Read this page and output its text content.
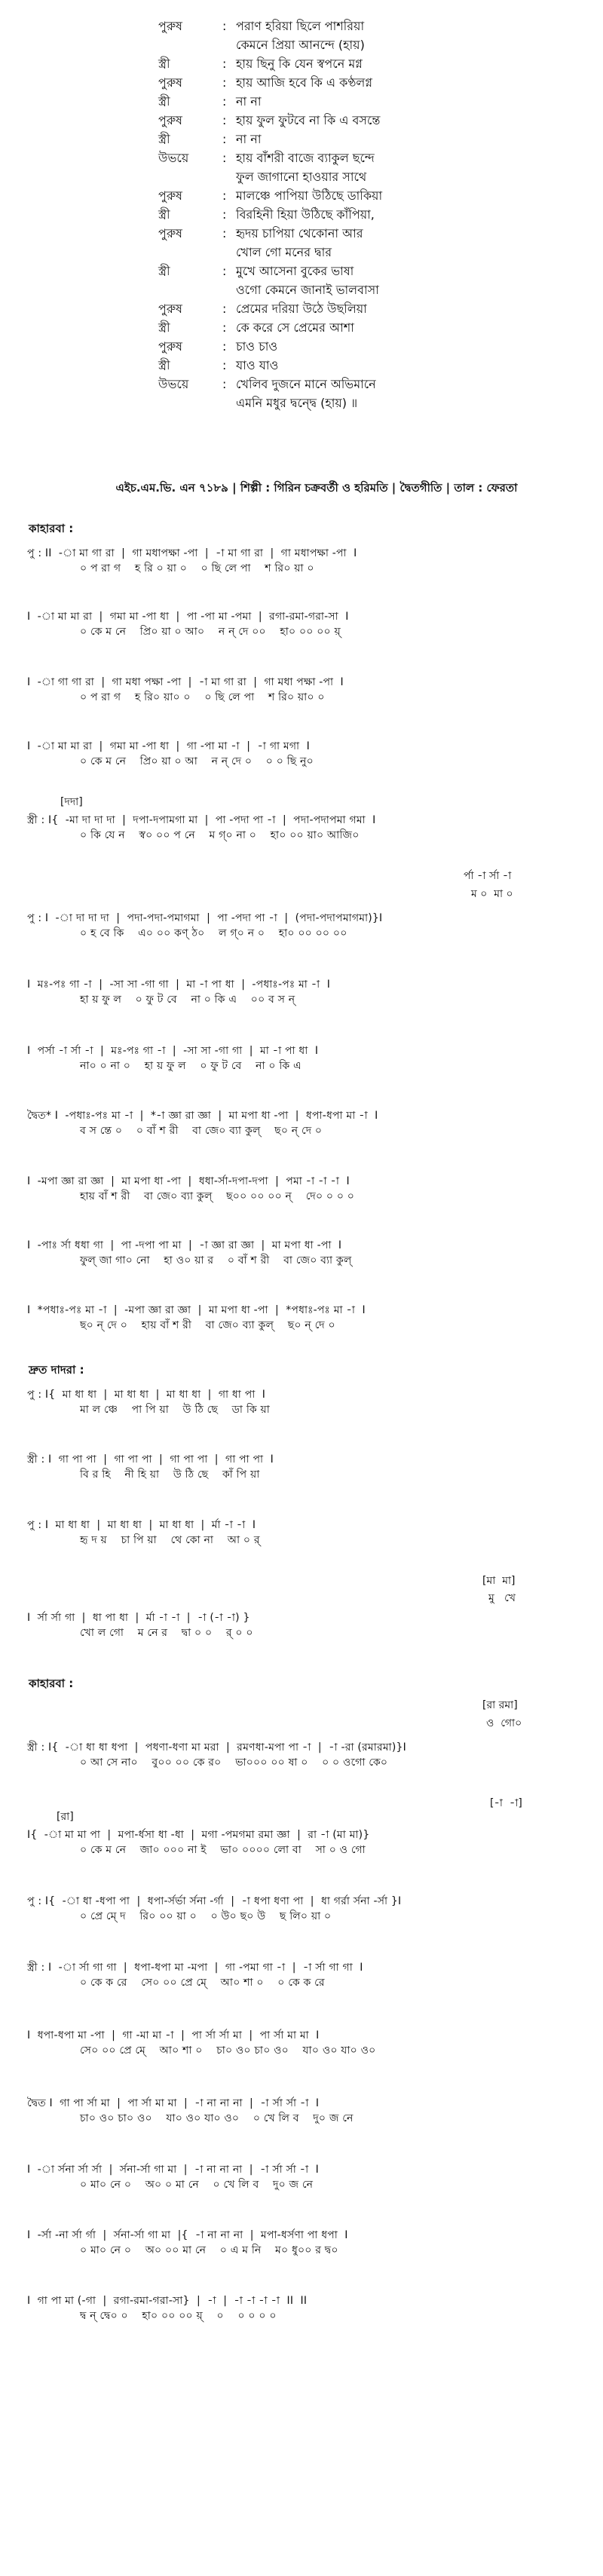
পুরুষ	: পরাণ হরিয়া ছিলে পাশরিয়া
কেমনে প্রিয়া আনন্দে (হায়)
স্ত্রী	: হায় ছিনু কি যেন স্বপনে মগ্ন
পুরুষ	: হায় আজি হবে কি এ কণ্ঠলগ্ন
স্ত্রী	: না না
পুরুষ	: হায় ফুল ফুটবে না কি এ বসন্তে
স্ত্রী	: না না
উভয়ে	: হায় বাঁশরী বাজে ব্যাকুল ছন্দে
ফুল জাগানো হাওয়ার সাথে
পুরুষ	: মালঞ্চে পাপিয়া উঠিছে ডাকিয়া
স্ত্রী	: বিরহিনী হিয়া উঠিছে কাঁপিয়া,
পুরুষ	: হৃদয় চাপিয়া থেকোনা আর
খোল গো মনের দ্বার
স্ত্রী	: মুখে আসেনা বুকের ভাষা
ওগো কেমনে জানাই ভালবাসা
পুরুষ	: প্রেমের দরিয়া উঠে উছলিয়া
স্ত্রী	: কে করে সে প্রেমের আশা
পুরুষ	: চাও চাও
স্ত্রী	: যাও যাও
উভয়ে	: খেলিব দুজনে মানে অভিমানে
এমনি মধুর দ্বন্দ্বে (হায়) ॥
এইচ.এম.ভি. এন ৭১৮৯ | শিল্পী : গিরিন চক্রবর্তী ও হরিমতি | দ্বৈতগীতি | তাল : ফেরতা
কাহারবা :
পু : II  -া মা গা রা  |  গা মধাপক্ষা -পা  |  -া মা গা রা  |  গা মধাপক্ষা -পা  I
০ প রা গ    হ রি ০ য়া ০    ০ ছি লে পা    শ রি০ য়া ০
I  -া মা মা রা  |  গমা মা -পা ধা  |  পা -পা মা -পমা  |  রগা-রমা-গরা-সা  I
০ কে ম নে    প্রি০ য়া ০ আ০    ন ন্ দে ০০    হা০ ০০ ০০ য়্
I  -া গা গা রা  |  গা মধা পক্ষা -পা  |  -া মা গা রা  |  গা মধা পক্ষা -পা  I
০ প রা গ    হ রি০ য়া০ ০    ০ ছি লে পা    শ রি০ য়া০ ০
I  -া মা মা রা  |  গমা মা -পা ধা  |  গা -পা মা -া  |  -া গা মগা  I
০ কে ম নে    প্রি০ য়া ০ আ    ন ন্ দে ০    ০ ০ ছি নু০
[দদা]
স্ত্রী : I{  -মা দা দা দা  |  দপা-দপামগা মা  |  পা -পদা পা -া  |  পদা-পদাপমা গমা  I
০ কি যে ন    স্ব০ ০০ প নে    ম গ্০ না ০    হা০ ০০ য়া০ আজি০
র্পা -া র্সা -া
ম ০  মা ০
পু : I  -া দা দা দা  |  পদা-পদা-পমাগমা  |  পা -পদা পা -া  |  (পদা-পদাপমাগমা)}I
০ হ বে কি    এ০ ০০ কণ্ ঠ০    ল গ্০ ন ০    হা০ ০০ ০০ ০০
I  মঃ-পঃ গা -া  |  -সা সা -গা গা  |  মা -া পা ধা  |  -পধাঃ-পঃ মা -া  I
হা য় ফু ল    ০ ফু ট বে    না ০ কি এ    ০০ ব স ন্
I  পর্সা -া র্সা -া  |  মঃ-পঃ গা -া  |  -সা সা -গা গা  |  মা -া পা ধা  I
না০ ০ না ০    হা য় ফু ল    ০ ফু ট বে    না ০ কি এ
দ্বৈত* I  -পধাঃ-পঃ মা -া  |  *-া জ্ঞা রা জ্ঞা  |  মা মপা ধা -পা  |  ধপা-ধপা মা -া  I
ব স ন্তে ০    ০ বাঁ শ রী    বা জে০ ব্যা কুল্    ছ০ ন্ দে ০
I  -মপা জ্ঞা রা জ্ঞা  |  মা মপা ধা -পা  |  ধধা-র্সা-দপা-দপা  |  পমা -া -া -া  I
হায় বাঁ শ রী    বা জে০ ব্যা কুল্    ছ০০ ০০ ০০ ন্    দে০ ০ ০ ০
I  -পাঃ র্সা ধধা গা  |  পা -দপা পা মা  |  -া জ্ঞা রা জ্ঞা  |  মা মপা ধা -পা  I
ফুল্ জা গা০ নো    হা ও০ য়া র    ০ বাঁ শ রী    বা জে০ ব্যা কুল্
I  *পধাঃ-পঃ মা -া  |  -মপা জ্ঞা রা জ্ঞা  |  মা মপা ধা -পা  |  *পধাঃ-পঃ মা -া  I
ছ০ ন্ দে ০    হায় বাঁ শ রী    বা জে০ ব্যা কুল্    ছ০ ন্ দে ০
দ্রুত দাদরা :
পু : I{  মা ধা ধা  |  মা ধা ধা  |  মা ধা ধা  |  গা ধা পা  I
মা ল ঞ্চে    পা পি য়া    উ ঠি ছে    ডা কি য়া
স্ত্রী : I  গা পা পা  |  গা পা পা  |  গা পা পা  |  গা পা পা  I
বি র হি    নী হি য়া    উ ঠি ছে    কাঁ পি য়া
পু : I  মা ধা ধা  |  মা ধা ধা  |  মা ধা ধা  |  র্মা -া -া  I
হৃ দ য়    চা পি য়া    থে কো না    আ ০ র্
[মা  মা]
মু   খে
I  র্সা র্সা গা  |  ধা পা ধা  |  র্মা -া -া  |  -া (-া -া) }
খো ল গো    ম নে র    দ্বা ০ ০    র্ ০ ০
কাহারবা :
[রা রমা]
ও  গো০
স্ত্রী : I{  -া ধা ধা ধপা  |  পধণা-ধণা মা মরা  |  রমণধা-মপা পা -া  |  -া -রা (রমারমা)}I
০ আ সে না০    বু০০ ০০ কে র০    ভা০০০ ০০ ষা ০    ০ ০ ওগো কে০
[-া  -া]
[রা]
I{  -া মা মা পা  |  মপা-র্ধসা ধা -ধা  |  মগা -পমগমা রমা জ্ঞা  |  রা -া (মা মা)}
০ কে ম নে    জা০ ০০০ না ই    ভা০ ০০০০ লো বা    সা ০ ও গো
পু : I{  -া ধা -ধপা পা  |  ধপা-র্সর্ভা র্সনা -র্গা  |  -া ধপা ধণা পা  |  ধা গর্রা র্সনা -র্সা }I
০ প্রে মে্ দ    রি০ ০০ য়া ০    ০ উ০ ছ০ উ    ছ লি০ য়া ০
স্ত্রী : I  -া র্সা গা গা  |  ধপা-ধপা মা -মপা  |  গা -পমা গা -া  |  -া র্সা গা গা  I
০ কে ক রে    সে০ ০০ প্রে মে্    আ০ শা ০    ০ কে ক রে
I  ধপা-ধপা মা -পা  |  গা -মা মা -া  |  পা র্সা র্সা মা  |  পা র্সা মা মা  I
সে০ ০০ প্রে মে্    আ০ শা ০    চা০ ও০ চা০ ও০    যা০ ও০ যা০ ও০
দ্বৈত I  গা পা র্সা মা  |  পা র্সা মা মা  |  -া না না না  |  -া র্সা র্সা -া  I
চা০ ও০ চা০ ও০    যা০ ও০ যা০ ও০    ০ খে লি ব    দু০ জ নে
I  -া র্সনা র্সা র্সা  |  র্সনা-র্সা গা মা  |  -া না না না  |  -া র্সা র্সা -া  I
০ মা০ নে ০    অ০ ০ মা নে    ০ খে লি ব    দু০ জ নে
I  -র্সা -না র্সা র্গা  |  র্সনা-র্সা গা মা  |{  -া না না না  |  মপা-ধর্সণা পা ধপা  I
০ মা০ নে ০    অ০ ০০ মা নে    ০ এ ম নি    ম০ ধু০০ র দ্ব০
I  গা পা মা (-গা  |  রগা-রমা-গরা-সা}  |  -া  |  -া -া -া -া  II  II
দ্ব ন্ দ্বে০ ০    হা০ ০০ ০০ য়্    ০    ০ ০ ০ ০
